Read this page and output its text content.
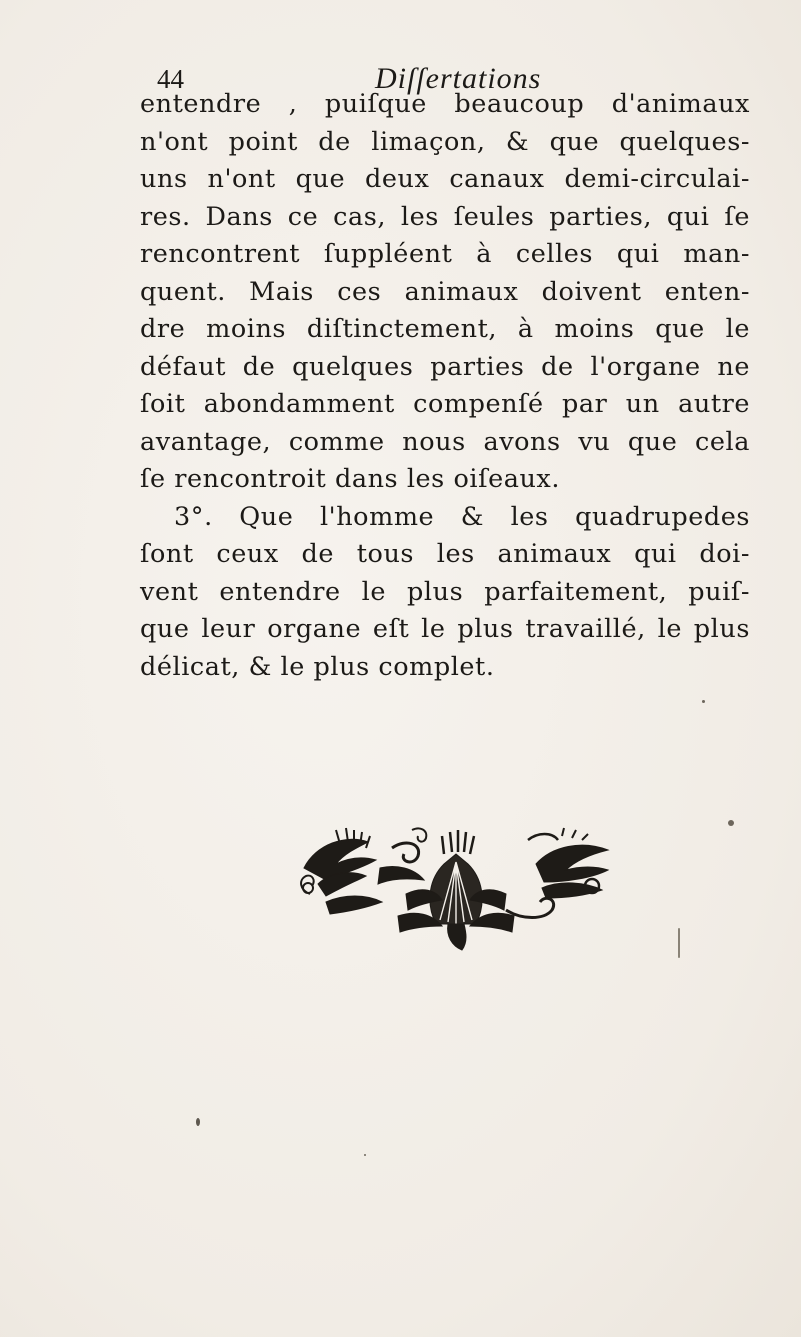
44	Diſſertations
entendre , puiſque beaucoup d'animaux
n'ont point de limaçon, & que quelques-
uns n'ont que deux canaux demi-circulai-
res. Dans ce cas, les ſeules parties, qui ſe
rencontrent ſuppléent à celles qui man-
quent. Mais ces animaux doivent enten-
dre moins diſtinctement, à moins que le
défaut de quelques parties de l'organe ne
ſoit abondamment compenſé par un autre
avantage, comme nous avons vu que cela
ſe rencontroit dans les oiſeaux.
3°. Que l'homme & les quadrupedes
ſont ceux de tous les animaux qui doi-
vent entendre le plus parfaitement, puiſ-
que leur organe eſt le plus travaillé, le plus
délicat, & le plus complet.
